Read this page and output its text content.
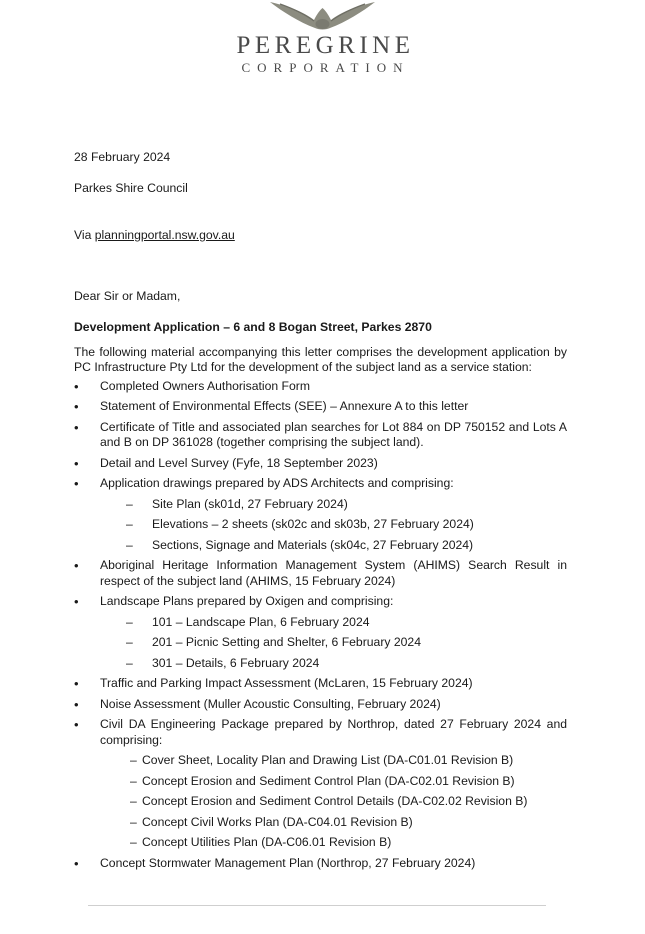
PEREGRINE
CORPORATION

28 February 2024

Parkes Shire Council

Via planningportal.nsw.gov.au

Dear Sir or Madam,

Development Application – 6 and 8 Bogan Street, Parkes 2870

The following material accompanying this letter comprises the development application by PC Infrastructure Pty Ltd for the development of the subject land as a service station:

• Completed Owners Authorisation Form
• Statement of Environmental Effects (SEE) – Annexure A to this letter
• Certificate of Title and associated plan searches for Lot 884 on DP 750152 and Lots A and B on DP 361028 (together comprising the subject land).
• Detail and Level Survey (Fyfe, 18 September 2023)
• Application drawings prepared by ADS Architects and comprising:
– Site Plan (sk01d, 27 February 2024)
– Elevations – 2 sheets (sk02c and sk03b, 27 February 2024)
– Sections, Signage and Materials (sk04c, 27 February 2024)
• Aboriginal Heritage Information Management System (AHIMS) Search Result in respect of the subject land (AHIMS, 15 February 2024)
• Landscape Plans prepared by Oxigen and comprising:
– 101 – Landscape Plan, 6 February 2024
– 201 – Picnic Setting and Shelter, 6 February 2024
– 301 – Details, 6 February 2024
• Traffic and Parking Impact Assessment (McLaren, 15 February 2024)
• Noise Assessment (Muller Acoustic Consulting, February 2024)
• Civil DA Engineering Package prepared by Northrop, dated 27 February 2024 and comprising:
– Cover Sheet, Locality Plan and Drawing List (DA-C01.01 Revision B)
– Concept Erosion and Sediment Control Plan (DA-C02.01 Revision B)
– Concept Erosion and Sediment Control Details (DA-C02.02 Revision B)
– Concept Civil Works Plan (DA-C04.01 Revision B)
– Concept Utilities Plan (DA-C06.01 Revision B)
• Concept Stormwater Management Plan (Northrop, 27 February 2024)
